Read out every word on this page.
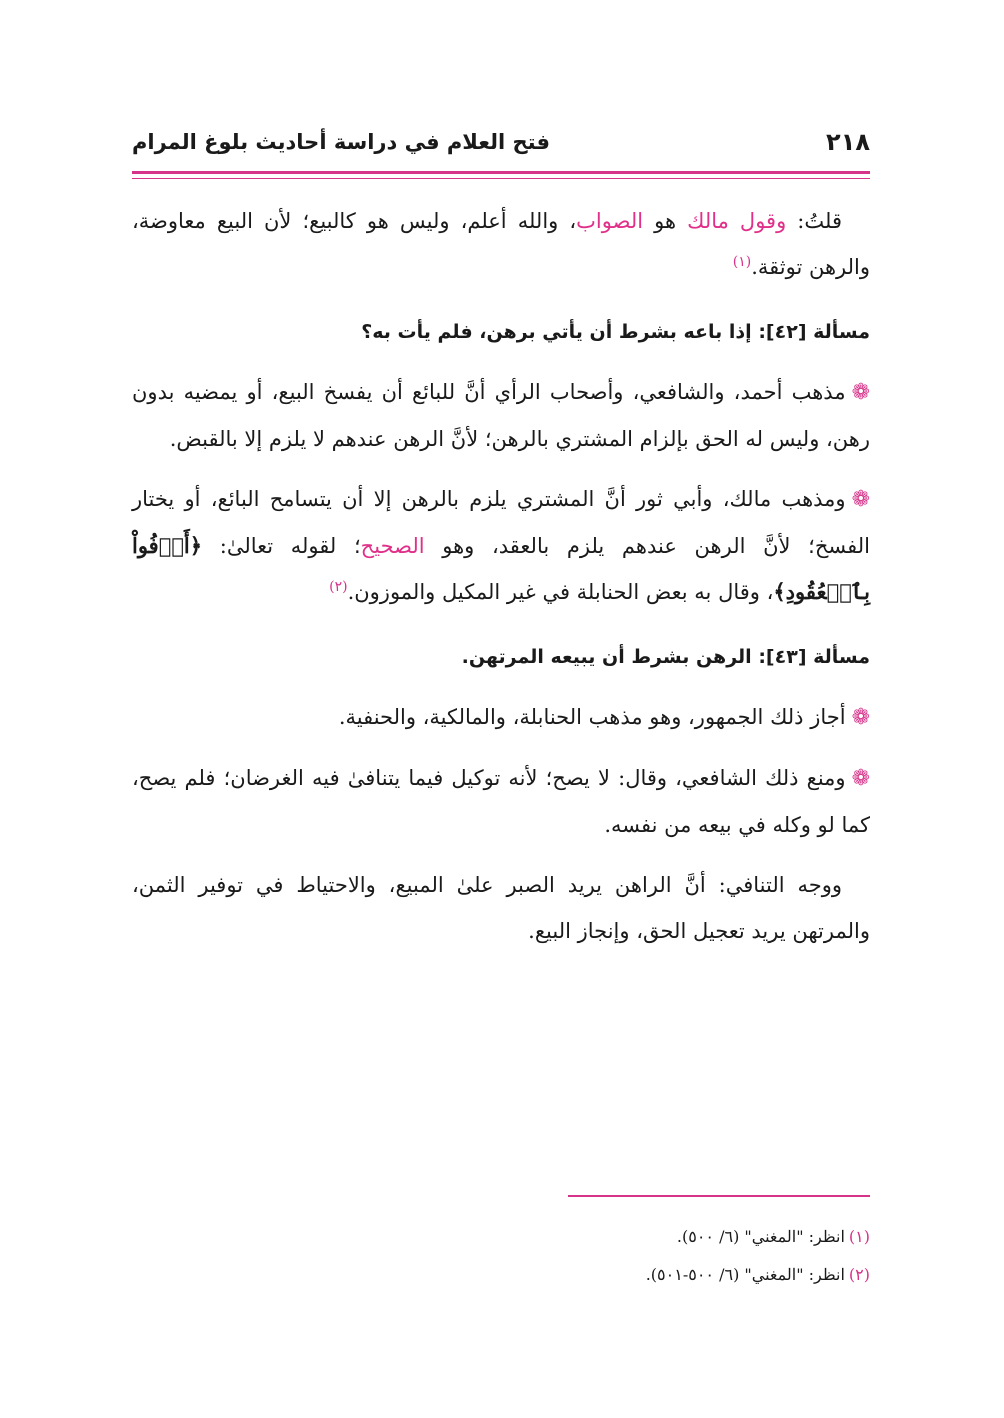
٢١٨
فتح العلام في دراسة أحاديث بلوغ المرام

قلتُ: وقول مالك هو الصواب، والله أعلم، وليس هو كالبيع؛ لأن البيع معاوضة، والرهن توثقة.$^{(١)}$

مسألة [٤٢]: إذا باعه بشرط أن يأتي برهن، فلم يأت به؟

❁مذهب أحمد، والشافعي، وأصحاب الرأي أنَّ للبائع أن يفسخ البيع، أو يمضيه بدون رهن، وليس له الحق بإلزام المشتري بالرهن؛ لأنَّ الرهن عندهم لا يلزم إلا بالقبض.

❁ومذهب مالك، وأبي ثور أنَّ المشتري يلزم بالرهن إلا أن يتسامح البائع، أو يختار الفسخ؛ لأنَّ الرهن عندهم يلزم بالعقد، وهو الصحيح؛ لقوله تعالىٰ: ﴿أَوۡفُواْ بِٱلۡعُقُودِ﴾، وقال به بعض الحنابلة في غير المكيل والموزون.$^{(٢)}$

مسألة [٤٣]: الرهن بشرط أن يبيعه المرتهن.

❁أجاز ذلك الجمهور، وهو مذهب الحنابلة، والمالكية، والحنفية.

❁ومنع ذلك الشافعي، وقال: لا يصح؛ لأنه توكيل فيما يتنافىٰ فيه الغرضان؛ فلم يصح، كما لو وكله في بيعه من نفسه.

ووجه التنافي: أنَّ الراهن يريد الصبر علىٰ المبيع، والاحتياط في توفير الثمن، والمرتهن يريد تعجيل الحق، وإنجاز البيع.

(١)انظر: "المغني" (٦/ ٥٠٠).

(٢)انظر: "المغني" (٦/ ٥٠٠-٥٠١).
